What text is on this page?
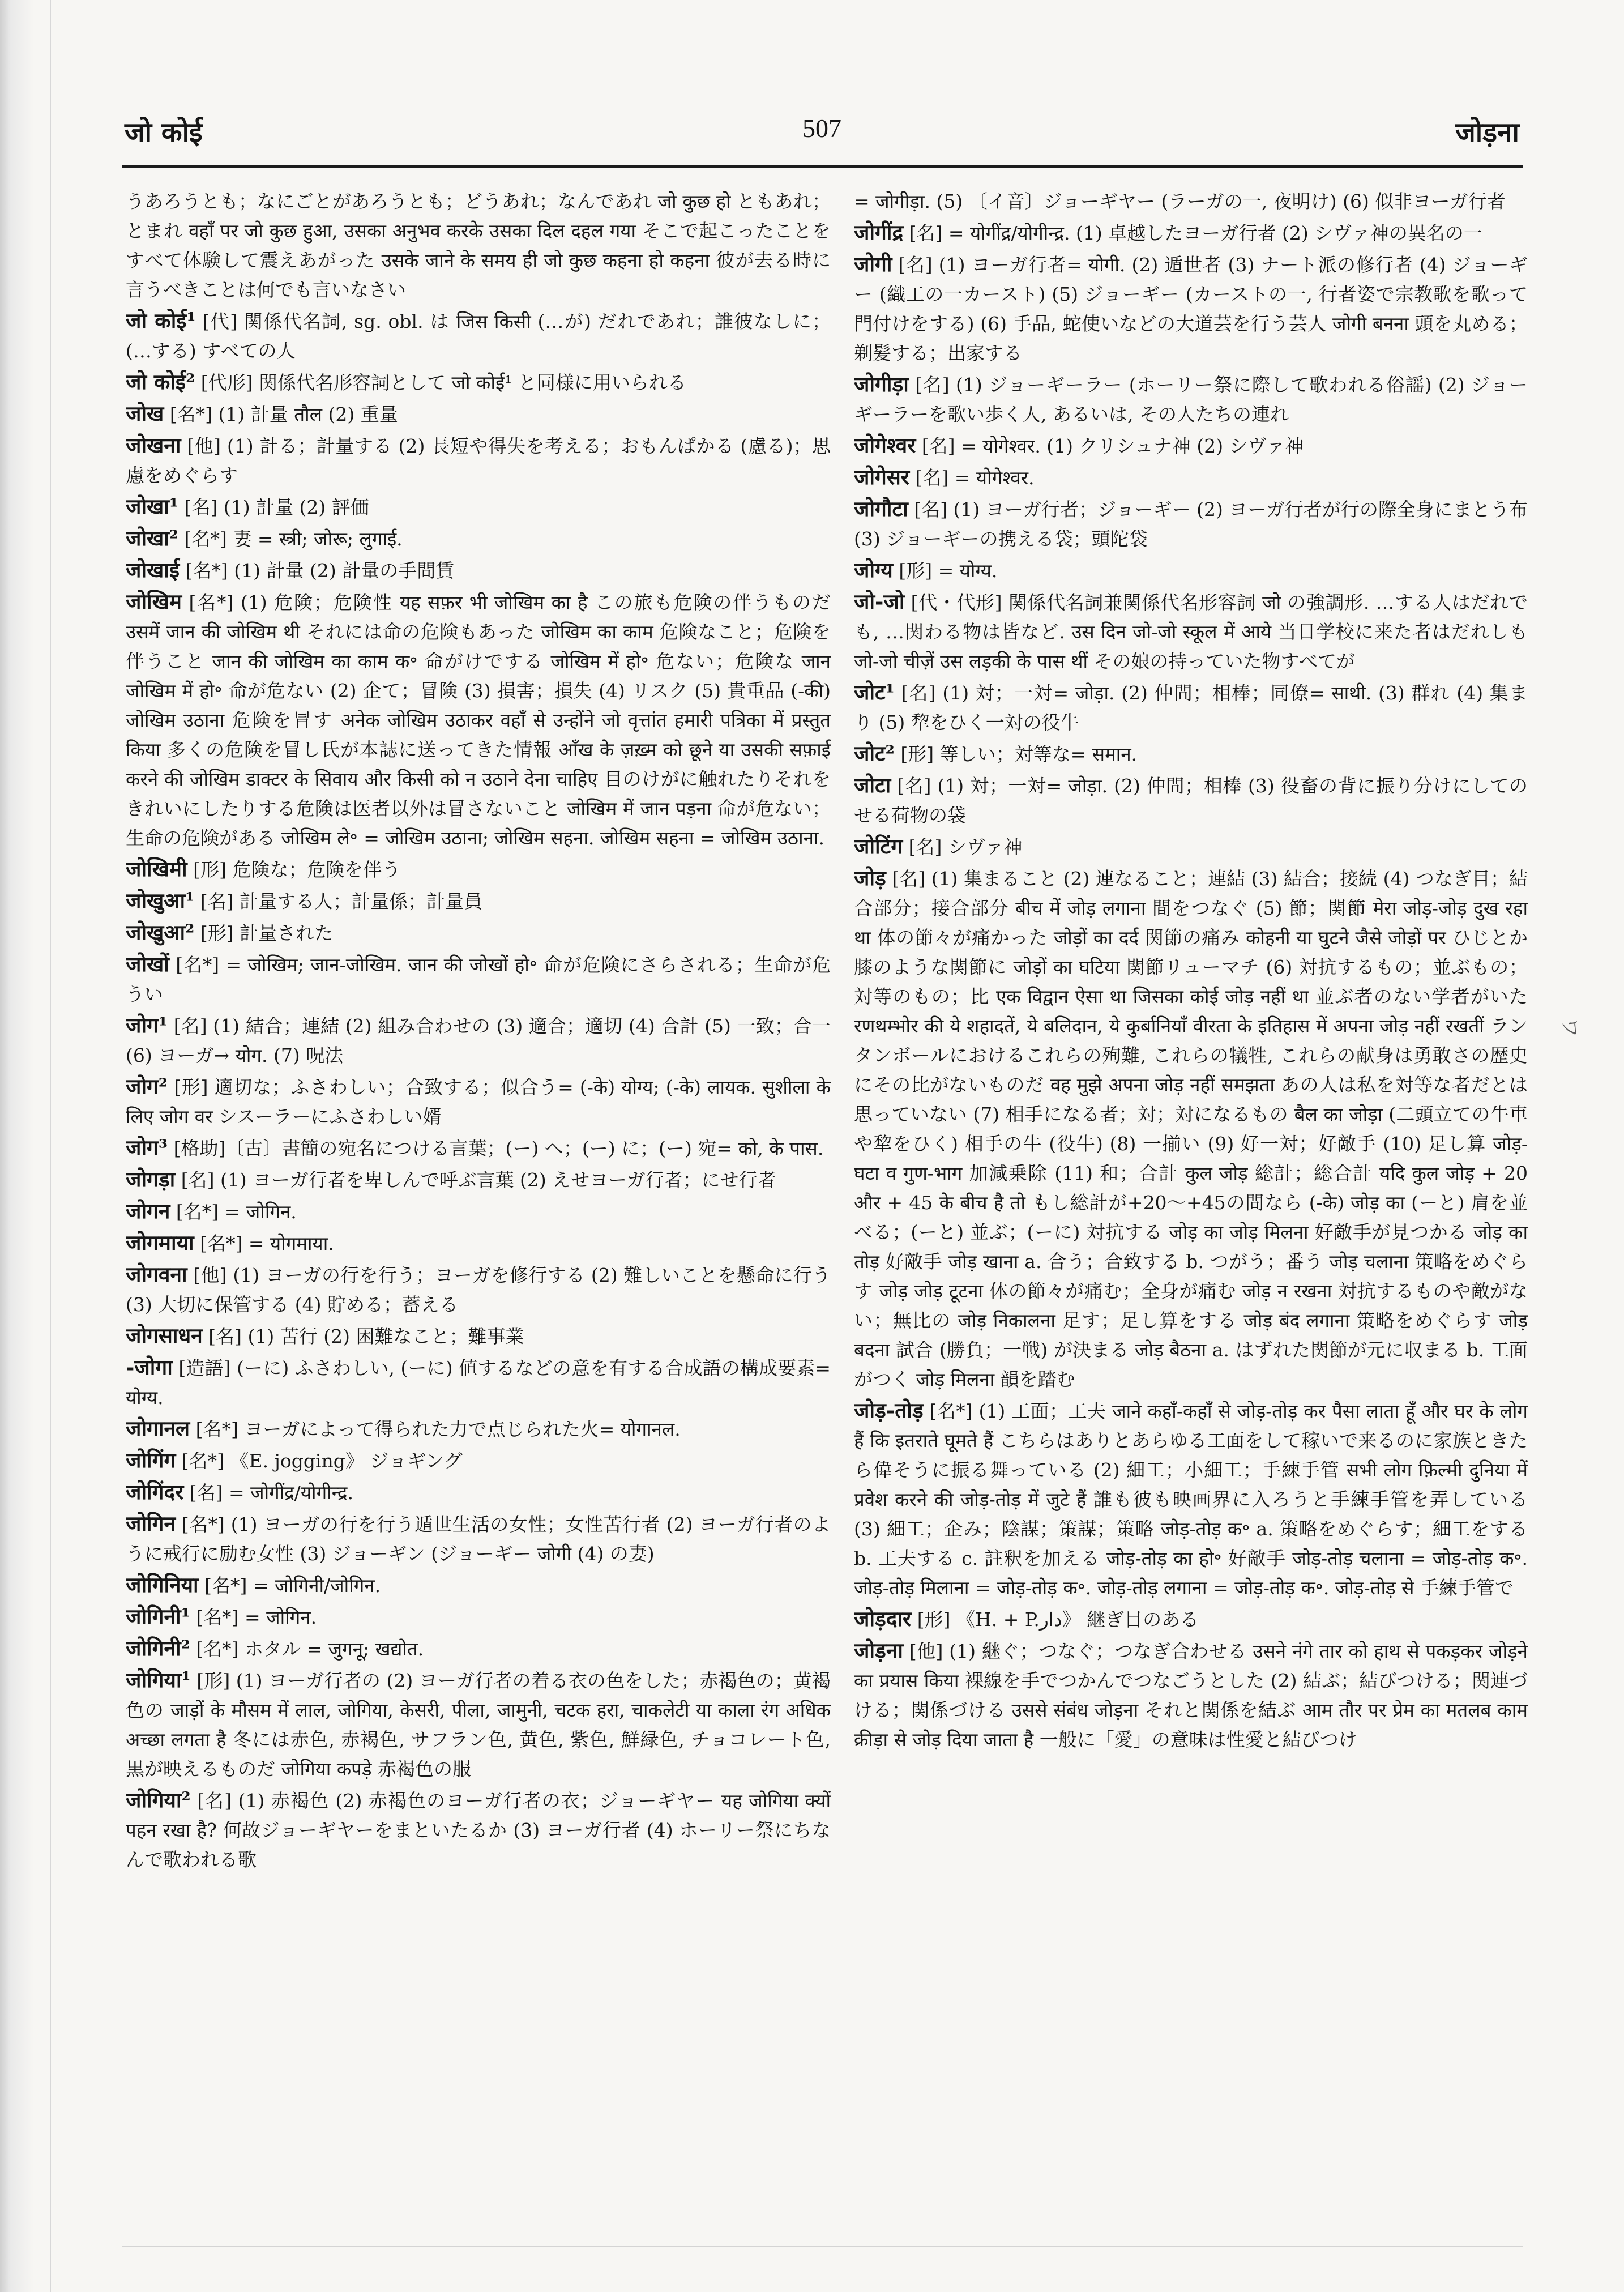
जो कोई	507	जोड़ना
うあろうとも；なにごとがあろうとも；どうあれ；なんであれ जो कुछ हो ともあれ；とまれ वहाँ पर जो कुछ हुआ, उसका अनुभव करके उसका दिल दहल गया そこで起こったことをすべて体験して震えあがった उसके जाने के समय ही जो कुछ कहना हो कहना 彼が去る時に言うべきことは何でも言いなさい
जो कोई¹ [代] 関係代名詞, sg. obl. は जिस किसी (…が) だれであれ；誰彼なしに；(…する) すべての人
जो कोई² [代形] 関係代名形容詞として जो कोई¹ と同様に用いられる
जोख [名*] (1) 計量 तौल (2) 重量
जोखना [他] (1) 計る；計量する (2) 長短や得失を考える；おもんぱかる (慮る)；思慮をめぐらす
जोखा¹ [名] (1) 計量 (2) 評価
जोखा² [名*] 妻 = स्त्री; जोरू; लुगाई.
जोखाई [名*] (1) 計量 (2) 計量の手間賃
जोखिम [名*] (1) 危険；危険性 यह सफ़र भी जोखिम का है この旅も危険の伴うものだ उसमें जान की जोखिम थी それには命の危険もあった जोखिम का काम 危険なこと；危険を伴うこと जान की जोखिम का काम क॰ 命がけでする जोखिम में हो॰ 危ない；危険な जान जोखिम में हो॰ 命が危ない (2) 企て；冒険 (3) 損害；損失 (4) リスク (5) 貴重品 (-की) जोखिम उठाना 危険を冒す अनेक जोखिम उठाकर वहाँ से उन्होंने जो वृत्तांत हमारी पत्रिका में प्रस्तुत किया 多くの危険を冒し氏が本誌に送ってきた情報 आँख के ज़ख़्म को छूने या उसकी सफ़ाई करने की जोखिम डाक्टर के सिवाय और किसी को न उठाने देना चाहिए 目のけがに触れたりそれをきれいにしたりする危険は医者以外は冒さないこと जोखिम में जान पड़ना 命が危ない；生命の危険がある जोखिम ले॰ = जोखिम उठाना; जोखिम सहना. जोखिम सहना = जोखिम उठाना.
जोखिमी [形] 危険な；危険を伴う
जोखुआ¹ [名] 計量する人；計量係；計量員
जोखुआ² [形] 計量された
जोखों [名*] = जोखिम; जान-जोखिम. जान की जोखों हो॰ 命が危険にさらされる；生命が危うい
जोग¹ [名] (1) 結合；連結 (2) 組み合わせの (3) 適合；適切 (4) 合計 (5) 一致；合一 (6) ヨーガ→ योग. (7) 呪法
जोग² [形] 適切な；ふさわしい；合致する；似合う= (-के) योग्य; (-के) लायक. सुशीला के लिए जोग वर シスーラーにふさわしい婿
जोग³ [格助]〔古〕書簡の宛名につける言葉；(ー) へ；(ー) に；(ー) 宛= को, के पास.
जोगड़ा [名] (1) ヨーガ行者を卑しんで呼ぶ言葉 (2) えせヨーガ行者；にせ行者
जोगन [名*] = जोगिन.
जोगमाया [名*] = योगमाया.
जोगवना [他] (1) ヨーガの行を行う；ヨーガを修行する (2) 難しいことを懸命に行う (3) 大切に保管する (4) 貯める；蓄える
जोगसाधन [名] (1) 苦行 (2) 困難なこと；難事業
-जोगा [造語] (ーに) ふさわしい, (ーに) 値するなどの意を有する合成語の構成要素= योग्य.
जोगानल [名*] ヨーガによって得られた力で点じられた火= योगानल.
जोगिंग [名*] 《E. jogging》 ジョギング
जोगिंदर [名] = जोगींद्र/योगीन्द्र.
जोगिन [名*] (1) ヨーガの行を行う遁世生活の女性；女性苦行者 (2) ヨーガ行者のように戒行に励む女性 (3) ジョーギン (ジョーギー जोगी (4) の妻)
जोगिनिया [名*] = जोगिनी/जोगिन.
जोगिनी¹ [名*] = जोगिन.
जोगिनी² [名*] ホタル = जुगनू; खद्योत.
जोगिया¹ [形] (1) ヨーガ行者の (2) ヨーガ行者の着る衣の色をした；赤褐色の；黄褐色の जाड़ों के मौसम में लाल, जोगिया, केसरी, पीला, जामुनी, चटक हरा, चाकलेटी या काला रंग अधिक अच्छा लगता है 冬には赤色, 赤褐色, サフラン色, 黄色, 紫色, 鮮緑色, チョコレート色, 黒が映えるものだ जोगिया कपड़े 赤褐色の服
जोगिया² [名] (1) 赤褐色 (2) 赤褐色のヨーガ行者の衣；ジョーギヤー यह जोगिया क्यों पहन रखा है? 何故ジョーギヤーをまといたるか (3) ヨーガ行者 (4) ホーリー祭にちなんで歌われる歌
= जोगीड़ा. (5) 〔イ音〕ジョーギヤー (ラーガの一, 夜明け) (6) 似非ヨーガ行者
जोगींद्र [名] = योगींद्र/योगीन्द्र. (1) 卓越したヨーガ行者 (2) シヴァ神の異名の一
जोगी [名] (1) ヨーガ行者= योगी. (2) 遁世者 (3) ナート派の修行者 (4) ジョーギー (織工の一カースト) (5) ジョーギー (カーストの一, 行者姿で宗教歌を歌って門付けをする) (6) 手品, 蛇使いなどの大道芸を行う芸人 जोगी बनना 頭を丸める；剃髪する；出家する
जोगीड़ा [名] (1) ジョーギーラー (ホーリー祭に際して歌われる俗謡) (2) ジョーギーラーを歌い歩く人, あるいは, その人たちの連れ
जोगेश्वर [名] = योगेश्वर. (1) クリシュナ神 (2) シヴァ神
जोगेसर [名] = योगेश्वर.
जोगौटा [名] (1) ヨーガ行者；ジョーギー (2) ヨーガ行者が行の際全身にまとう布 (3) ジョーギーの携える袋；頭陀袋
जोग्य [形] = योग्य.
जो-जो [代・代形] 関係代名詞兼関係代名形容詞 जो の強調形. …する人はだれでも, …関わる物は皆など. उस दिन जो-जो स्कूल में आये 当日学校に来た者はだれしも जो-जो चीज़ें उस लड़की के पास थीं その娘の持っていた物すべてが
जोट¹ [名] (1) 対；一対= जोड़ा. (2) 仲間；相棒；同僚= साथी. (3) 群れ (4) 集まり (5) 犂をひく一対の役牛
जोट² [形] 等しい；対等な= समान.
जोटा [名] (1) 対；一対= जोड़ा. (2) 仲間；相棒 (3) 役畜の背に振り分けにしてのせる荷物の袋
जोटिंग [名] シヴァ神
जोड़ [名] (1) 集まること (2) 連なること；連結 (3) 結合；接続 (4) つなぎ目；結合部分；接合部分 बीच में जोड़ लगाना 間をつなぐ (5) 節；関節 मेरा जोड़-जोड़ दुख रहा था 体の節々が痛かった जोड़ों का दर्द 関節の痛み कोहनी या घुटने जैसे जोड़ों पर ひじとか膝のような関節に जोड़ों का घटिया 関節リューマチ (6) 対抗するもの；並ぶもの；対等のもの；比 एक विद्वान ऐसा था जिसका कोई जोड़ नहीं था 並ぶ者のない学者がいた रणथम्भोर की ये शहादतें, ये बलिदान, ये कुर्बानियाँ वीरता के इतिहास में अपना जोड़ नहीं रखतीं ランタンボールにおけるこれらの殉難, これらの犠牲, これらの献身は勇敢さの歴史にその比がないものだ वह मुझे अपना जोड़ नहीं समझता あの人は私を対等な者だとは思っていない (7) 相手になる者；対；対になるもの बैल का जोड़ा (二頭立ての牛車や犂をひく) 相手の牛 (役牛) (8) 一揃い (9) 好一対；好敵手 (10) 足し算 जोड़-घटा व गुण-भाग 加減乗除 (11) 和；合計 कुल जोड़ 総計；総合計 यदि कुल जोड़ + 20 और + 45 के बीच है तो もし総計が+20〜+45の間なら (-के) जोड़ का (ーと) 肩を並べる；(ーと) 並ぶ；(ーに) 対抗する जोड़ का जोड़ मिलना 好敵手が見つかる जोड़ का तोड़ 好敵手 जोड़ खाना a. 合う；合致する b. つがう；番う जोड़ चलाना 策略をめぐらす जोड़ जोड़ टूटना 体の節々が痛む；全身が痛む जोड़ न रखना 対抗するものや敵がない；無比の जोड़ निकालना 足す；足し算をする जोड़ बंद लगाना 策略をめぐらす जोड़ बदना 試合 (勝負；一戦) が決まる जोड़ बैठना a. はずれた関節が元に収まる b. 工面がつく जोड़ मिलना 韻を踏む
जोड़-तोड़ [名*] (1) 工面；工夫 जाने कहाँ-कहाँ से जोड़-तोड़ कर पैसा लाता हूँ और घर के लोग हैं कि इतराते घूमते हैं こちらはありとあらゆる工面をして稼いで来るのに家族ときたら偉そうに振る舞っている (2) 細工；小細工；手練手管 सभी लोग फ़िल्मी दुनिया में प्रवेश करने की जोड़-तोड़ में जुटे हैं 誰も彼も映画界に入ろうと手練手管を弄している (3) 細工；企み；陰謀；策謀；策略 जोड़-तोड़ क॰ a. 策略をめぐらす；細工をする b. 工夫する c. 註釈を加える जोड़-तोड़ का हो॰ 好敵手 जोड़-तोड़ चलाना = जोड़-तोड़ क॰. जोड़-तोड़ मिलाना = जोड़-तोड़ क॰. जोड़-तोड़ लगाना = जोड़-तोड़ क॰. जोड़-तोड़ से 手練手管で
जोड़दार [形] 《H. + P.دار》 継ぎ目のある
जोड़ना [他] (1) 継ぐ；つなぐ；つなぎ合わせる उसने नंगे तार को हाथ से पकड़कर जोड़ने का प्रयास किया 裸線を手でつかんでつなごうとした (2) 結ぶ；結びつける；関連づける；関係づける उससे संबंध जोड़ना それと関係を結ぶ आम तौर पर प्रेम का मतलब काम क्रीड़ा से जोड़ दिया जाता है 一般に「愛」の意味は性愛と結びつけ
ワ
